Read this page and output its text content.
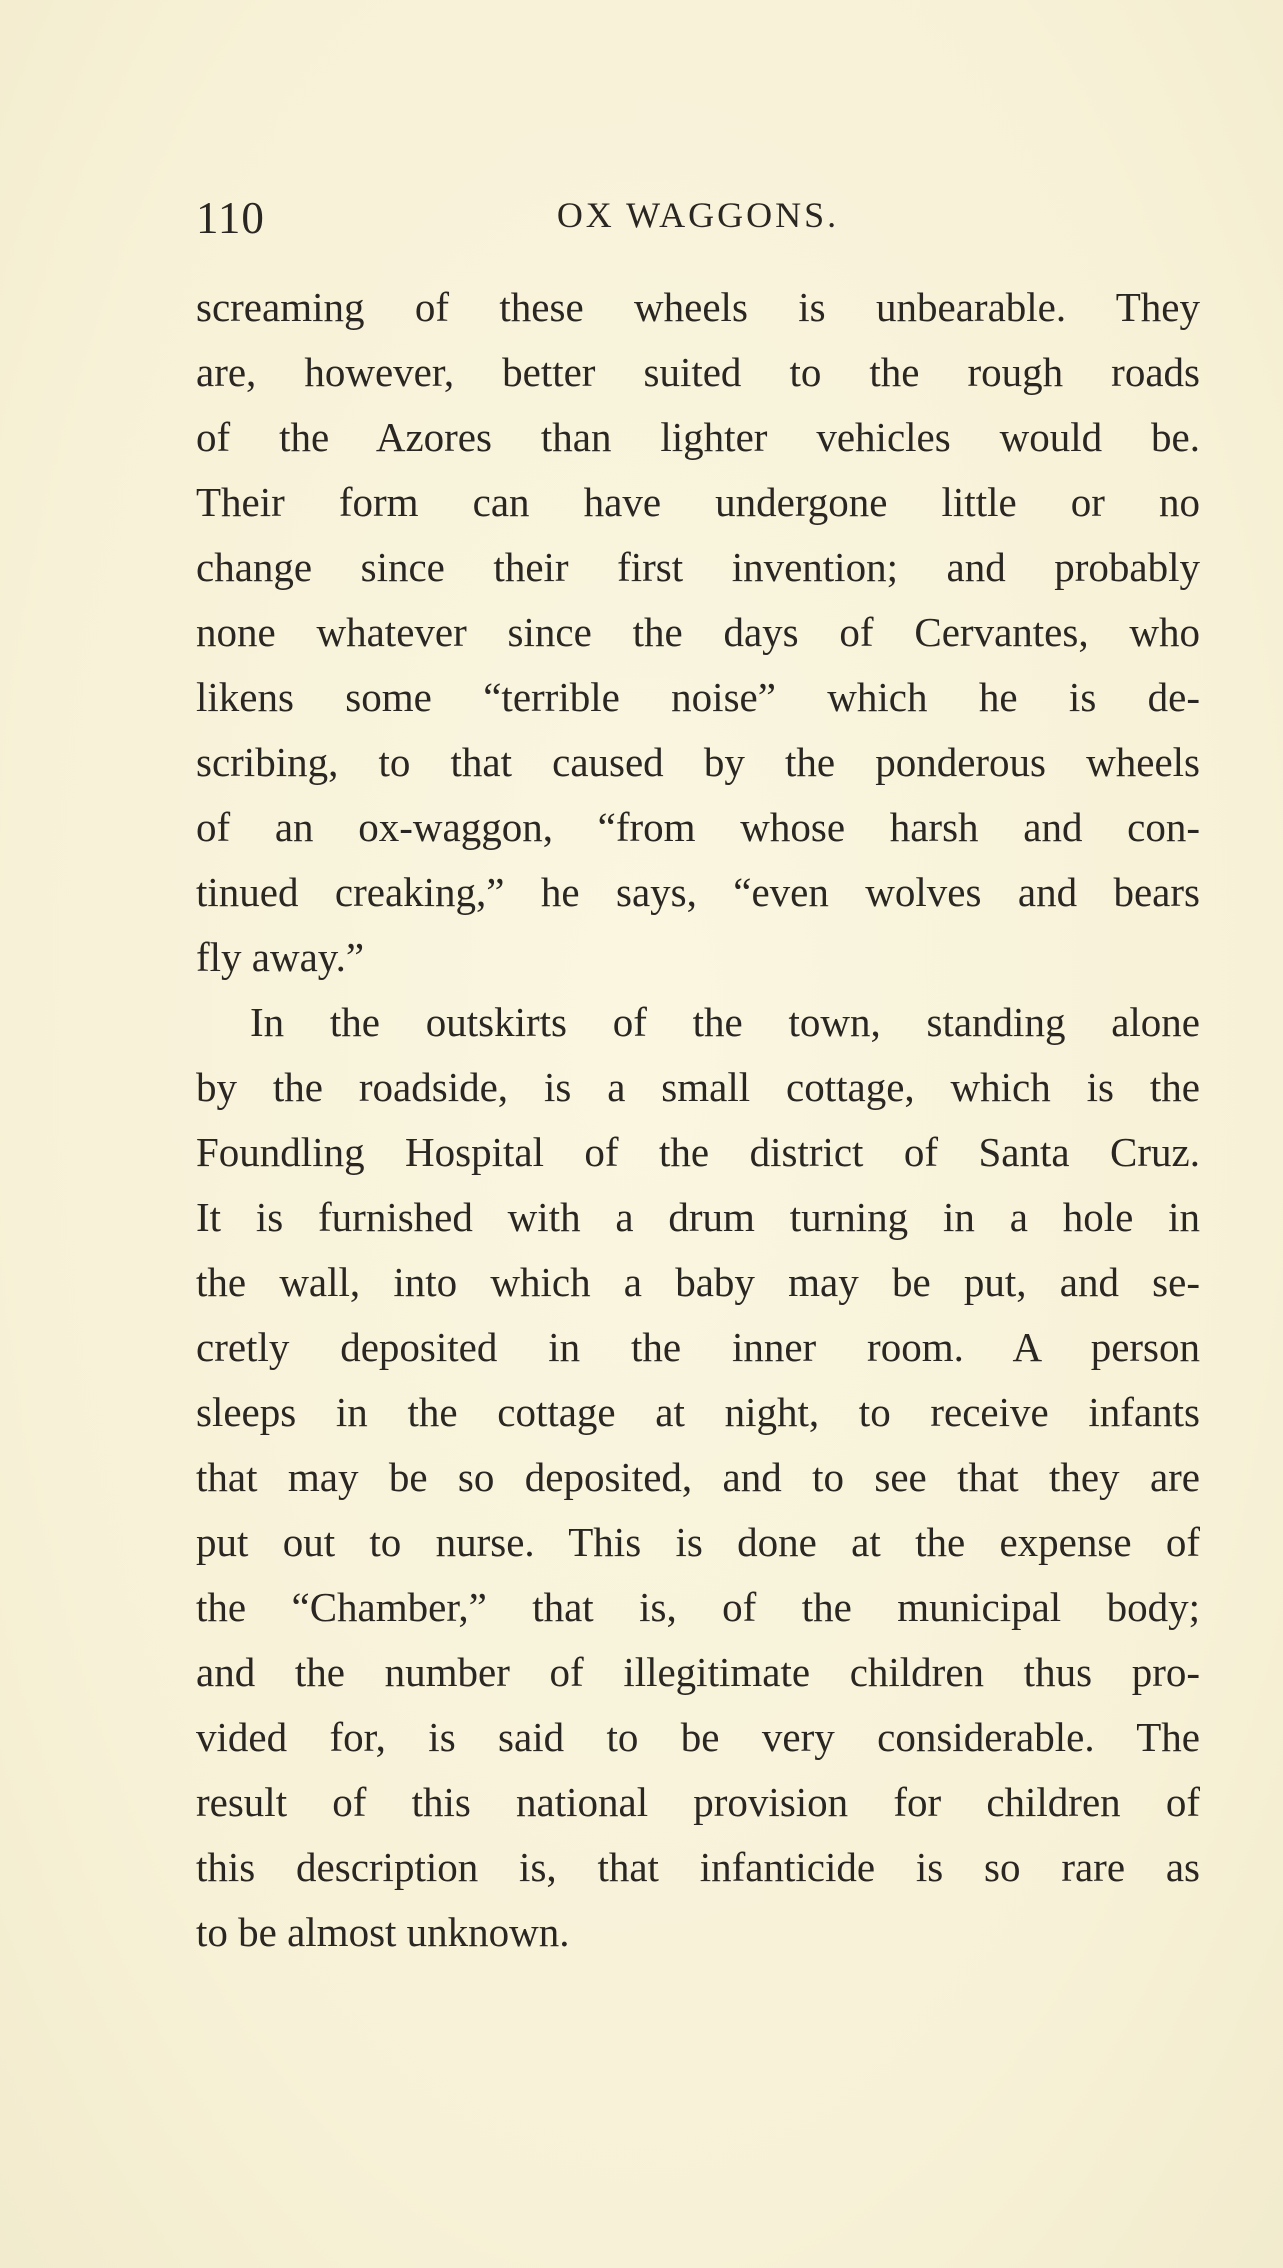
110	OX WAGGONS.
screaming of these wheels is unbearable. They
are, however, better suited to the rough roads
of the Azores than lighter vehicles would be.
Their form can have undergone little or no
change since their first invention; and probably
none whatever since the days of Cervantes, who
likens some “terrible noise” which he is de-
scribing, to that caused by the ponderous wheels
of an ox-waggon, “from whose harsh and con-
tinued creaking,” he says, “even wolves and bears
fly away.”
In the outskirts of the town, standing alone
by the roadside, is a small cottage, which is the
Foundling Hospital of the district of Santa Cruz.
It is furnished with a drum turning in a hole in
the wall, into which a baby may be put, and se-
cretly deposited in the inner room. A person
sleeps in the cottage at night, to receive infants
that may be so deposited, and to see that they are
put out to nurse. This is done at the expense of
the “Chamber,” that is, of the municipal body;
and the number of illegitimate children thus pro-
vided for, is said to be very considerable. The
result of this national provision for children of
this description is, that infanticide is so rare as
to be almost unknown.
